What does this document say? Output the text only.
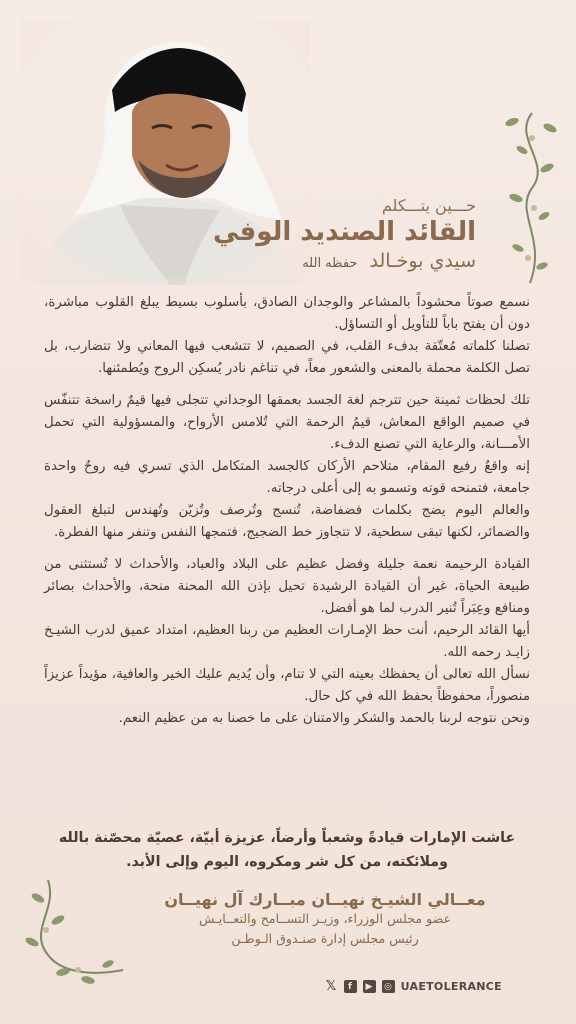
حـــين يتـــكلم
القائد الصنديد الوفي
سيدي بوخـالد حفظه الله

نسمع صوتاً محشوداً بالمشاعر والوجدان الصادق، بأسلوب بسيط يبلغ القلوب مباشرة، دون أن يفتح باباً للتأويل أو التساؤل.

تصلنا كلماته مُعتّقة بدفء القلب، في الصميم، لا تتشعب فيها المعاني ولا تتضارب، بل تصل الكلمة محملة بالمعنى والشعور معاً، في تناغم نادر يُسكِن الروح ويُطمئنها.

تلك لحظات ثمينة حين تترجم لغة الجسد بعمقها الوجداني تتجلى فيها قيمٌ راسخة تتنفّس في صميم الواقع المعاش، قيمُ الرحمة التي تُلامس الأرواح، والمسؤولية التي تحمل الأمـــانة، والرعاية التي تصنع الدفء.

إنه واقعٌ رفيع المقام، متلاحم الأركان كالجسد المتكامل الذي تسري فيه روحٌ واحدة جامعة، فتمنحه قوته وتسمو به إلى أعلى درجاته.

والعالم اليوم يضج بكلمات فضفاضة، تُنسج وتُرصف وتُزيّن وتُهندس لتبلغ العقول والضمائر، لكنها تبقى سطحية، لا تتجاوز خط الضجيج، فتمجها النفس وتنفر منها الفطرة.

القيادة الرحيمة نعمة جليلة وفضل عظيم على البلاد والعباد، والأحداث لا تُستثنى من طبيعة الحياة، غير أن القيادة الرشيدة تحيل بإذن الله المحنة منحة، والأحداث بصائر ومنافع وعِبَراً تُنير الدرب لما هو أفضل.

أيها القائد الرحيم، أنت حظ الإمـارات العظيم من ربنا العظيم، امتداد عميق لدرب الشيـخ زايـد رحمه الله.

نسأل الله تعالى أن يحفظك بعينه التي لا تنام، وأن يُديم عليك الخير والعافية، مؤيداً عزيزاً منصوراً، محفوظاً بحفظ الله في كل حال.

ونحن نتوجه لربنا بالحمد والشكر والامتنان على ما خصنا به من عظيم النعم.

عاشت الإمارات قيادةً وشعباً وأرضاً، عزيزة أبيّة، عصيّة محصّنة بالله وملائكته، من كل شر ومكروه، اليوم وإلى الأبد.
معــالي الشيـخ نهيــان مبــارك آل نهيــان
عضو مجلس الوزراء، وزيـر التســامح والتعــايـش
رئيس مجلس إدارة صنـدوق الـوطـن
𝕏	f	▶	◎ UAETOLERANCE
